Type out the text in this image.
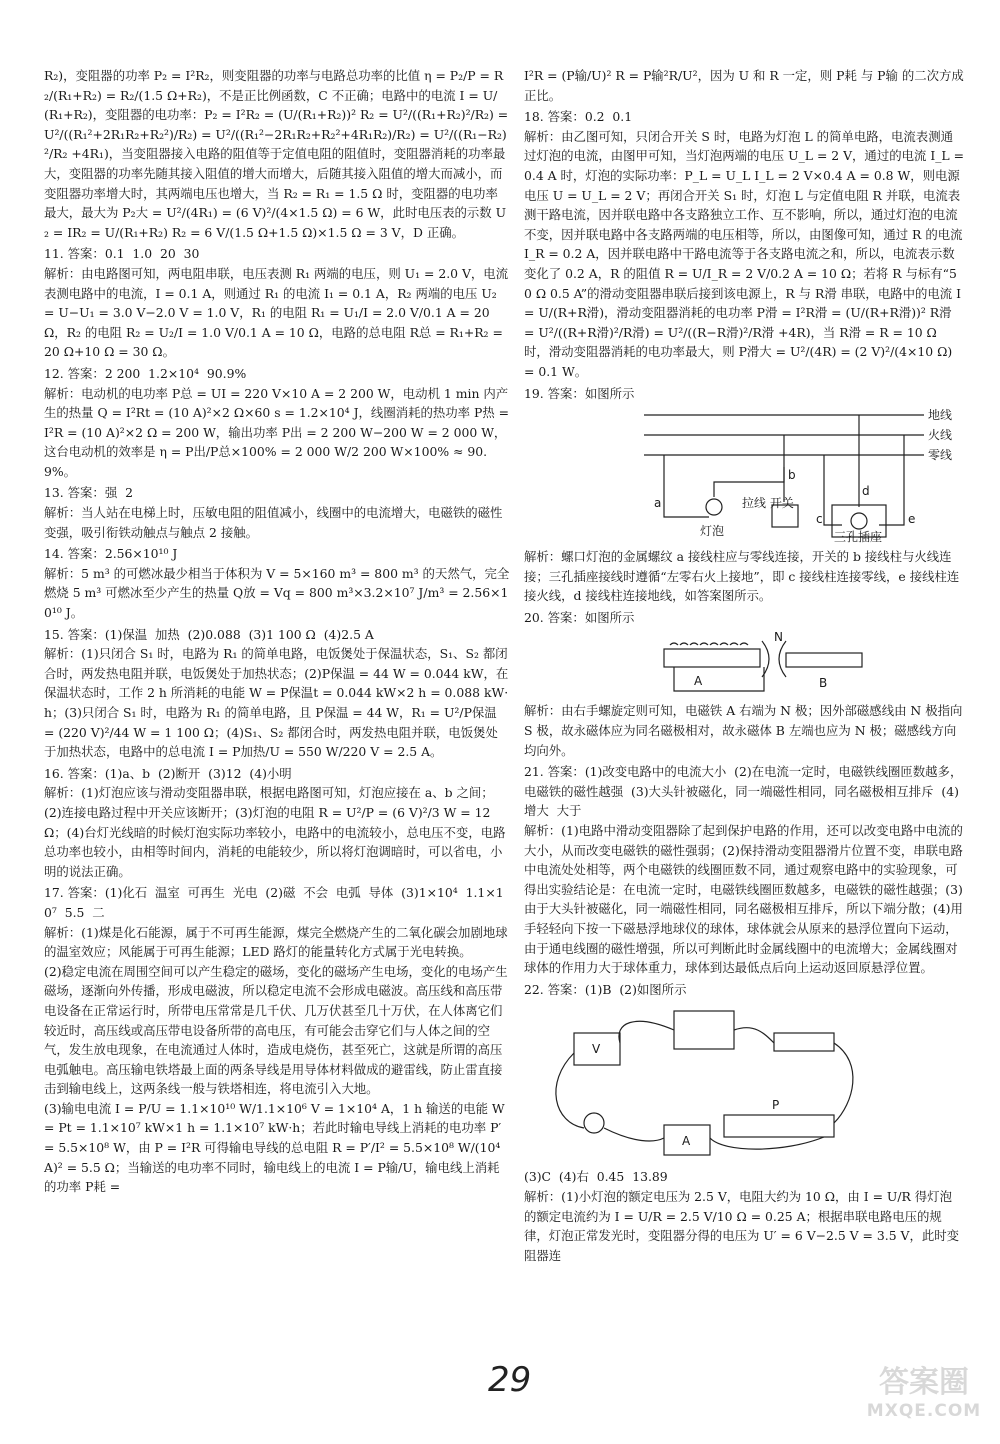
R₂)，变阻器的功率 P₂ = I²R₂，则变阻器的功率与电路总功率的比值 η = P₂/P = R₂/(R₁+R₂) = R₂/(1.5 Ω+R₂)，不是正比例函数，C 不正确；电路中的电流 I = U/(R₁+R₂)，变阻器的电功率：P₂ = I²R₂ = (U/(R₁+R₂))² R₂ = U²/((R₁+R₂)²/R₂) = U²/((R₁²+2R₁R₂+R₂²)/R₂) = U²/((R₁²−2R₁R₂+R₂²+4R₁R₂)/R₂) = U²/((R₁−R₂)²/R₂ +4R₁)，当变阻器接入电路的阻值等于定值电阻的阻值时，变阻器消耗的功率最大，变阻器的功率先随其接入阻值的增大而增大，后随其接入阻值的增大而减小，而变阻器功率增大时，其两端电压也增大，当 R₂ = R₁ = 1.5 Ω 时，变阻器的电功率最大，最大为 P₂大 = U²/(4R₁) = (6 V)²/(4×1.5 Ω) = 6 W，此时电压表的示数 U₂ = IR₂ = U/(R₁+R₂) R₂ = 6 V/(1.5 Ω+1.5 Ω)×1.5 Ω = 3 V，D 正确。

11. 答案：0.1  1.0  20  30
解析：由电路图可知，两电阻串联，电压表测 R₁ 两端的电压，则 U₁ = 2.0 V，电流表测电路中的电流，I = 0.1 A，则通过 R₁ 的电流 I₁ = 0.1 A，R₂ 两端的电压 U₂ = U−U₁ = 3.0 V−2.0 V = 1.0 V，R₁ 的电阻 R₁ = U₁/I = 2.0 V/0.1 A = 20 Ω，R₂ 的电阻 R₂ = U₂/I = 1.0 V/0.1 A = 10 Ω，电路的总电阻 R总 = R₁+R₂ = 20 Ω+10 Ω = 30 Ω。

12. 答案：2 200  1.2×10⁴  90.9%
解析：电动机的电功率 P总 = UI = 220 V×10 A = 2 200 W，电动机 1 min 内产生的热量 Q = I²Rt = (10 A)²×2 Ω×60 s = 1.2×10⁴ J，线圈消耗的热功率 P热 = I²R = (10 A)²×2 Ω = 200 W，输出功率 P出 = 2 200 W−200 W = 2 000 W，这台电动机的效率是 η = P出/P总×100% = 2 000 W/2 200 W×100% ≈ 90.9%。

13. 答案：强  2
解析：当人站在电梯上时，压敏电阻的阻值减小，线圈中的电流增大，电磁铁的磁性变强，吸引衔铁动触点与触点 2 接触。

14. 答案：2.56×10¹⁰ J
解析：5 m³ 的可燃冰最少相当于体积为 V = 5×160 m³ = 800 m³ 的天然气，完全燃烧 5 m³ 可燃冰至少产生的热量 Q放 = Vq = 800 m³×3.2×10⁷ J/m³ = 2.56×10¹⁰ J。

15. 答案：(1)保温  加热  (2)0.088  (3)1 100 Ω  (4)2.5 A
解析：(1)只闭合 S₁ 时，电路为 R₁ 的简单电路，电饭煲处于保温状态，S₁、S₂ 都闭合时，两发热电阻并联，电饭煲处于加热状态；(2)P保温 = 44 W = 0.044 kW，在保温状态时，工作 2 h 所消耗的电能 W = P保温t = 0.044 kW×2 h = 0.088 kW·h；(3)只闭合 S₁ 时，电路为 R₁ 的简单电路，且 P保温 = 44 W，R₁ = U²/P保温 = (220 V)²/44 W = 1 100 Ω；(4)S₁、S₂ 都闭合时，两发热电阻并联，电饭煲处于加热状态，电路中的总电流 I = P加热/U = 550 W/220 V = 2.5 A。

16. 答案：(1)a、b  (2)断开  (3)12  (4)小明
解析：(1)灯泡应该与滑动变阻器串联，根据电路图可知，灯泡应接在 a、b 之间；(2)连接电路过程中开关应该断开；(3)灯泡的电阻 R = U²/P = (6 V)²/3 W = 12 Ω；(4)台灯光线暗的时候灯泡实际功率较小，电路中的电流较小，总电压不变，电路总功率也较小，由相等时间内，消耗的电能较少，所以将灯泡调暗时，可以省电，小明的说法正确。

17. 答案：(1)化石  温室  可再生  光电  (2)磁  不会  电弧  导体  (3)1×10⁴  1.1×10⁷  5.5  二
解析：(1)煤是化石能源，属于不可再生能源，煤完全燃烧产生的二氧化碳会加剧地球的温室效应；风能属于可再生能源；LED 路灯的能量转化方式属于光电转换。
(2)稳定电流在周围空间可以产生稳定的磁场，变化的磁场产生电场，变化的电场产生磁场，逐渐向外传播，形成电磁波，所以稳定电流不会形成电磁波。高压线和高压带电设备在正常运行时，所带电压常常是几千伏、几万伏甚至几十万伏，在人体离它们较近时，高压线或高压带电设备所带的高电压，有可能会击穿它们与人体之间的空气，发生放电现象，在电流通过人体时，造成电烧伤，甚至死亡，这就是所谓的高压电弧触电。高压输电铁塔最上面的两条导线是用导体材料做成的避雷线，防止雷直接击到输电线上，这两条线一般与铁塔相连，将电流引入大地。
(3)输电电流 I = P/U = 1.1×10¹⁰ W/1.1×10⁶ V = 1×10⁴ A，1 h 输送的电能 W = Pt = 1.1×10⁷ kW×1 h = 1.1×10⁷ kW·h；若此时输电导线上消耗的电功率 P′ = 5.5×10⁸ W，由 P = I²R 可得输电导线的总电阻 R = P′/I² = 5.5×10⁸ W/(10⁴ A)² = 5.5 Ω；当输送的电功率不同时，输电线上的电流 I = P输/U，输电线上消耗的功率 P耗 =

I²R = (P输/U)² R = P输²R/U²，因为 U 和 R 一定，则 P耗 与 P输 的二次方成正比。

18. 答案：0.2  0.1
解析：由乙图可知，只闭合开关 S 时，电路为灯泡 L 的简单电路，电流表测通过灯泡的电流，由图甲可知，当灯泡两端的电压 U_L = 2 V，通过的电流 I_L = 0.4 A 时，灯泡的实际功率：P_L = U_L I_L = 2 V×0.4 A = 0.8 W，则电源电压 U = U_L = 2 V；再闭合开关 S₁ 时，灯泡 L 与定值电阻 R 并联，电流表测干路电流，因并联电路中各支路独立工作、互不影响，所以，通过灯泡的电流不变，因并联电路中各支路两端的电压相等，所以，由图像可知，通过 R 的电流 I_R = 0.2 A，因并联电路中干路电流等于各支路电流之和，所以，电流表示数变化了 0.2 A，R 的阻值 R = U/I_R = 2 V/0.2 A = 10 Ω；若将 R 与标有“50 Ω 0.5 A”的滑动变阻器串联后接到该电源上，R 与 R滑 串联，电路中的电流 I = U/(R+R滑)，滑动变阻器消耗的电功率 P滑 = I²R滑 = (U/(R+R滑))² R滑 = U²/((R+R滑)²/R滑) = U²/((R−R滑)²/R滑 +4R)，当 R滑 = R = 10 Ω 时，滑动变阻器消耗的电功率最大，则 P滑大 = U²/(4R) = (2 V)²/(4×10 Ω) = 0.1 W。

19. 答案：如图所示

地线
火线
零线
a
b
c
d
e
灯泡
拉线 开关
三孔插座

解析：螺口灯泡的金属螺纹 a 接线柱应与零线连接，开关的 b 接线柱与火线连接；三孔插座接线时遵循“左零右火上接地”，即 c 接线柱连接零线，e 接线柱连接火线，d 接线柱连接地线，如答案图所示。

20. 答案：如图所示

N
A	B

解析：由右手螺旋定则可知，电磁铁 A 右端为 N 极；因外部磁感线由 N 极指向 S 极，故永磁体应为同名磁极相对，故永磁体 B 左端也应为 N 极；磁感线方向均向外。

21. 答案：(1)改变电路中的电流大小  (2)在电流一定时，电磁铁线圈匝数越多，电磁铁的磁性越强  (3)大头针被磁化，同一端磁性相同，同名磁极相互排斥  (4)增大  大于
解析：(1)电路中滑动变阻器除了起到保护电路的作用，还可以改变电路中电流的大小，从而改变电磁铁的磁性强弱；(2)保持滑动变阻器滑片位置不变，串联电路中电流处处相等，两个电磁铁的线圈匝数不同，通过观察电路中的实验现象，可得出实验结论是：在电流一定时，电磁铁线圈匝数越多，电磁铁的磁性越强；(3)由于大头针被磁化，同一端磁性相同，同名磁极相互排斥，所以下端分散；(4)用手轻轻向下按一下磁悬浮地球仪的球体，球体就会从原来的悬浮位置向下运动，由于通电线圈的磁性增强，所以可判断此时金属线圈中的电流增大；金属线圈对球体的作用力大于球体重力，球体到达最低点后向上运动返回原悬浮位置。

22. 答案：(1)B  (2)如图所示

P
V
A

(3)C  (4)右  0.45  13.89
解析：(1)小灯泡的额定电压为 2.5 V，电阻大约为 10 Ω，由 I = U/R 得灯泡的额定电流约为 I = U/R = 2.5 V/10 Ω = 0.25 A；根据串联电路电压的规律，灯泡正常发光时，变阻器分得的电压为 U′ = 6 V−2.5 V = 3.5 V，此时变阻器连

29	答案圈
MXQE.COM
